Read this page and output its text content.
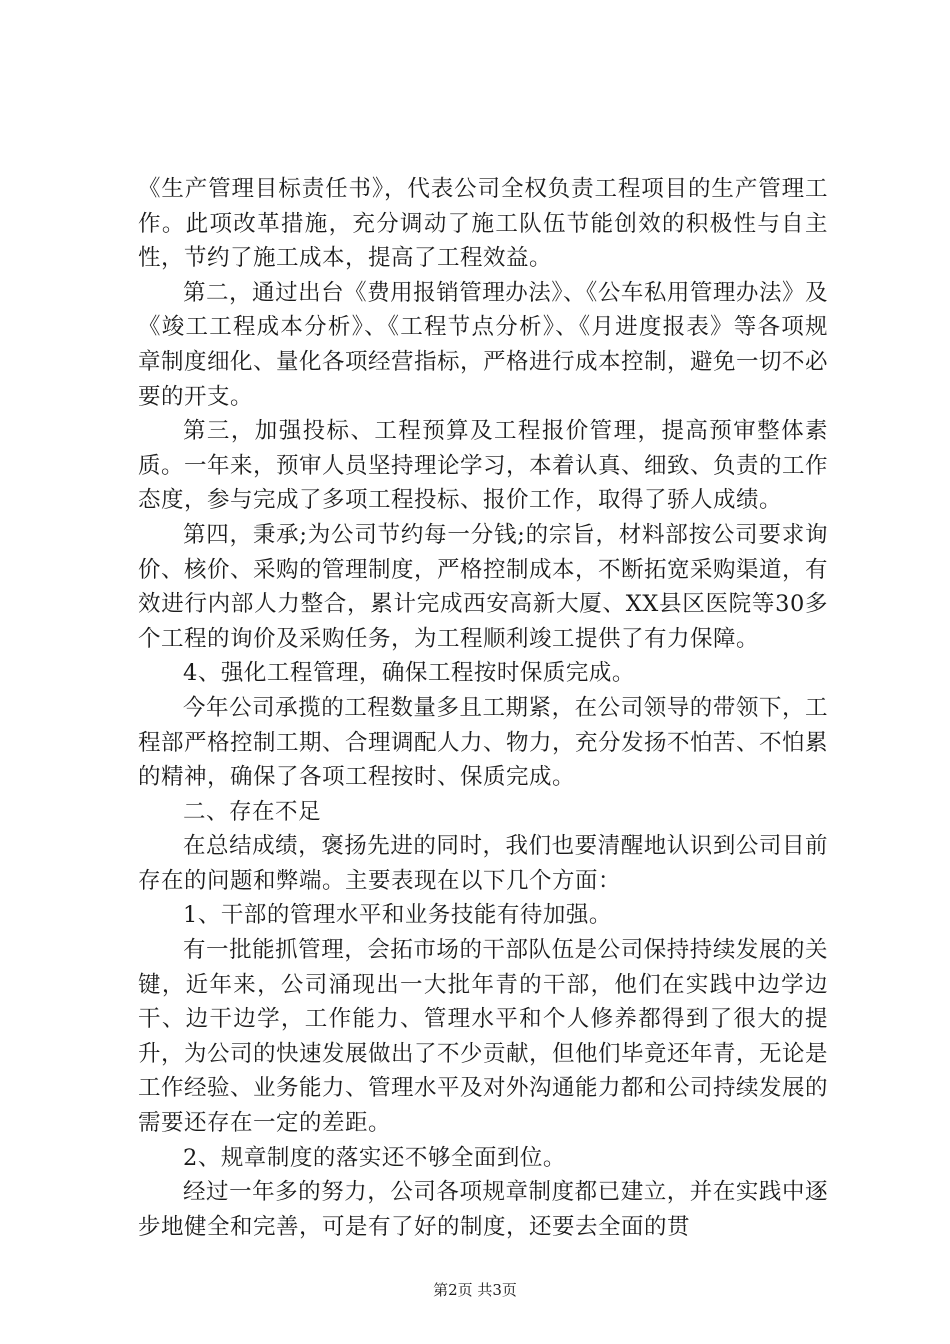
《生产管理目标责任书》，代表公司全权负责工程项目的生产管理工作。此项改革措施，充分调动了施工队伍节能创效的积极性与自主性，节约了施工成本，提高了工程效益。

第二，通过出台《费用报销管理办法》、《公车私用管理办法》及《竣工工程成本分析》、《工程节点分析》、《月进度报表》等各项规章制度细化、量化各项经营指标，严格进行成本控制，避免一切不必要的开支。

第三，加强投标、工程预算及工程报价管理，提高预审整体素质。一年来，预审人员坚持理论学习，本着认真、细致、负责的工作态度，参与完成了多项工程投标、报价工作，取得了骄人成绩。

第四，秉承;为公司节约每一分钱;的宗旨，材料部按公司要求询价、核价、采购的管理制度，严格控制成本，不断拓宽采购渠道，有效进行内部人力整合，累计完成西安高新大厦、XX县区医院等30多个工程的询价及采购任务，为工程顺利竣工提供了有力保障。

4、强化工程管理，确保工程按时保质完成。

今年公司承揽的工程数量多且工期紧，在公司领导的带领下，工程部严格控制工期、合理调配人力、物力，充分发扬不怕苦、不怕累的精神，确保了各项工程按时、保质完成。

二、存在不足

在总结成绩，褒扬先进的同时，我们也要清醒地认识到公司目前存在的问题和弊端。主要表现在以下几个方面：

1、干部的管理水平和业务技能有待加强。

有一批能抓管理，会拓市场的干部队伍是公司保持持续发展的关键，近年来，公司涌现出一大批年青的干部，他们在实践中边学边干、边干边学，工作能力、管理水平和个人修养都得到了很大的提升，为公司的快速发展做出了不少贡献，但他们毕竟还年青，无论是工作经验、业务能力、管理水平及对外沟通能力都和公司持续发展的需要还存在一定的差距。

2、规章制度的落实还不够全面到位。

经过一年多的努力，公司各项规章制度都已建立，并在实践中逐步地健全和完善，可是有了好的制度，还要去全面的贯

第2页 共3页
